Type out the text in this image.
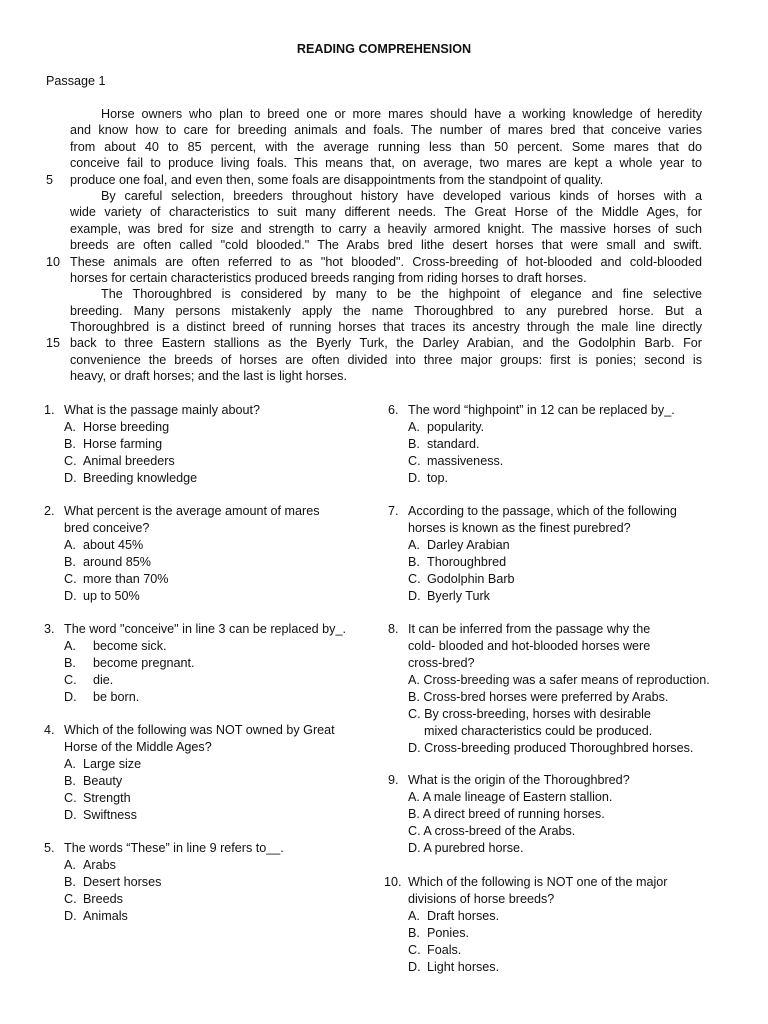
READING COMPREHENSION
Passage 1
Horse owners who plan to breed one or more mares should have a working knowledge of heredity
and know how to care for breeding animals and foals. The number of mares bred that conceive varies
from about 40 to 85 percent, with the average running less than 50 percent. Some mares that do
conceive fail to produce living foals. This means that, on average, two mares are kept a whole year to
5 produce one foal, and even then, some foals are disappointments from the standpoint of quality.
By careful selection, breeders throughout history have developed various kinds of horses with a
wide variety of characteristics to suit many different needs. The Great Horse of the Middle Ages, for
example, was bred for size and strength to carry a heavily armored knight. The massive horses of such
breeds are often called "cold blooded." The Arabs bred lithe desert horses that were small and swift.
10 These animals are often referred to as "hot blooded". Cross-breeding of hot-blooded and cold-blooded
horses for certain characteristics produced breeds ranging from riding horses to draft horses.
The Thoroughbred is considered by many to be the highpoint of elegance and fine selective
breeding. Many persons mistakenly apply the name Thoroughbred to any purebred horse. But a
Thoroughbred is a distinct breed of running horses that traces its ancestry through the male line directly
15 back to three Eastern stallions as the Byerly Turk, the Darley Arabian, and the Godolphin Barb. For
convenience the breeds of horses are often divided into three major groups: first is ponies; second is
heavy, or draft horses; and the last is light horses.
1. What is the passage mainly about?
A. Horse breeding
B. Horse farming
C. Animal breeders
D. Breeding knowledge
2. What percent is the average amount of mares
bred conceive?
A. about 45%
B. around 85%
C. more than 70%
D. up to 50%
3. The word "conceive" in line 3 can be replaced by_.
A. become sick.
B. become pregnant.
C. die.
D. be born.
4. Which of the following was NOT owned by Great
Horse of the Middle Ages?
A. Large size
B. Beauty
C. Strength
D. Swiftness
5. The words “These” in line 9 refers to__.
A. Arabs
B. Desert horses
C. Breeds
D. Animals
6. The word “highpoint” in 12 can be replaced by_.
A. popularity.
B. standard.
C. massiveness.
D. top.
7. According to the passage, which of the following
horses is known as the finest purebred?
A. Darley Arabian
B. Thoroughbred
C. Godolphin Barb
D. Byerly Turk
8. It can be inferred from the passage why the
cold- blooded and hot-blooded horses were
cross-bred?
A. Cross-breeding was a safer means of reproduction.
B. Cross-bred horses were preferred by Arabs.
C. By cross-breeding, horses with desirable
mixed characteristics could be produced.
D. Cross-breeding produced Thoroughbred horses.
9. What is the origin of the Thoroughbred?
A. A male lineage of Eastern stallion.
B. A direct breed of running horses.
C. A cross-breed of the Arabs.
D. A purebred horse.
10. Which of the following is NOT one of the major
divisions of horse breeds?
A. Draft horses.
B. Ponies.
C. Foals.
D. Light horses.
